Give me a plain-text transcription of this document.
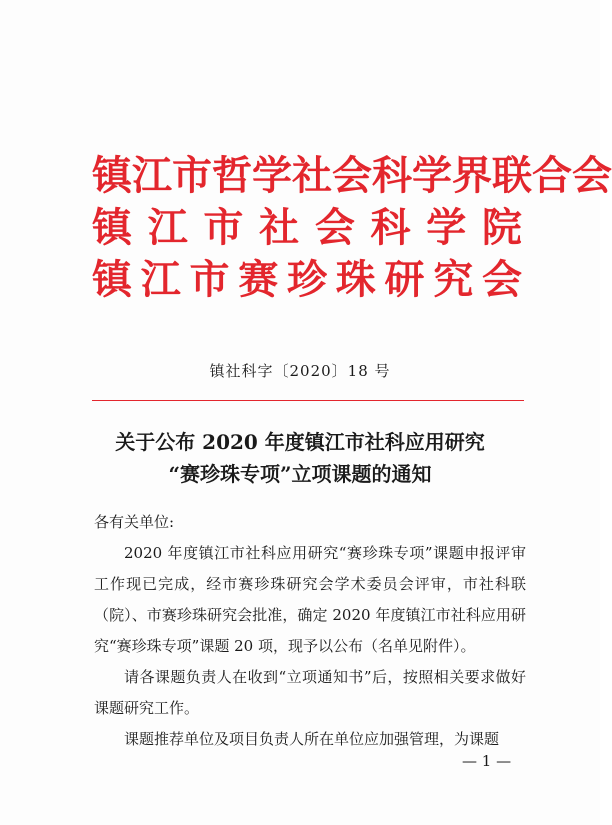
镇 江 市 哲 学 社 会 科 学 界 联 合 会
镇 江 市 社 会 科 学 院
镇 江 市 赛 珍 珠 研 究 会
镇社科字〔2020〕18 号
关于公布 2020 年度镇江市社科应用研究
“赛珍珠专项”立项课题的通知

各有关单位:

2020 年度镇江市社科应用研究“赛珍珠专项”课题申报评审工作现已完成，经市赛珍珠研究会学术委员会评审，市社科联（院）、市赛珍珠研究会批准，确定 2020 年度镇江市社科应用研究“赛珍珠专项”课题 20 项，现予以公布（名单见附件）。

请各课题负责人在收到“立项通知书”后，按照相关要求做好课题研究工作。

课题推荐单位及项目负责人所在单位应加强管理，为课题

— 1 —
